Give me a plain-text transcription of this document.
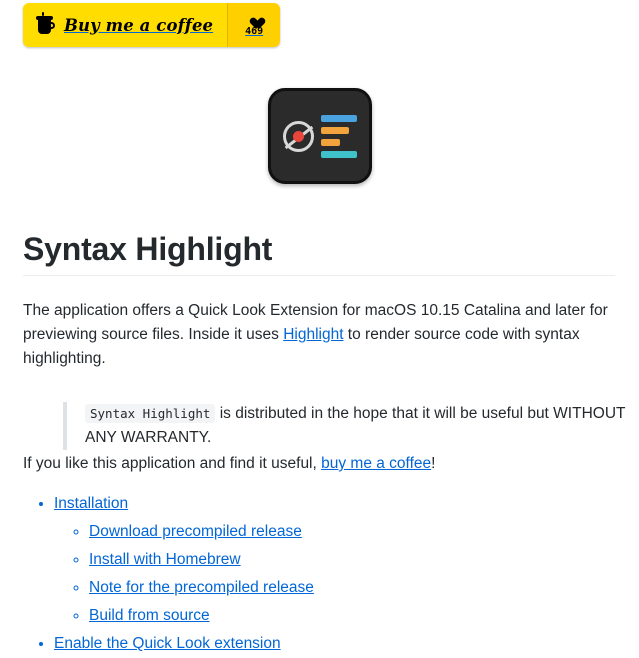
Buy me a coffee	469
Syntax Highlight

The application offers a Quick Look Extension for macOS 10.15 Catalina and later for previewing source files. Inside it uses Highlight to render source code with syntax highlighting.

Syntax Highlight is distributed in the hope that it will be useful but WITHOUT ANY WARRANTY.

If you like this application and find it useful, buy me a coffee!

• Installation
◦ Download precompiled release
◦ Install with Homebrew
◦ Note for the precompiled release
◦ Build from source
• Enable the Quick Look extension
